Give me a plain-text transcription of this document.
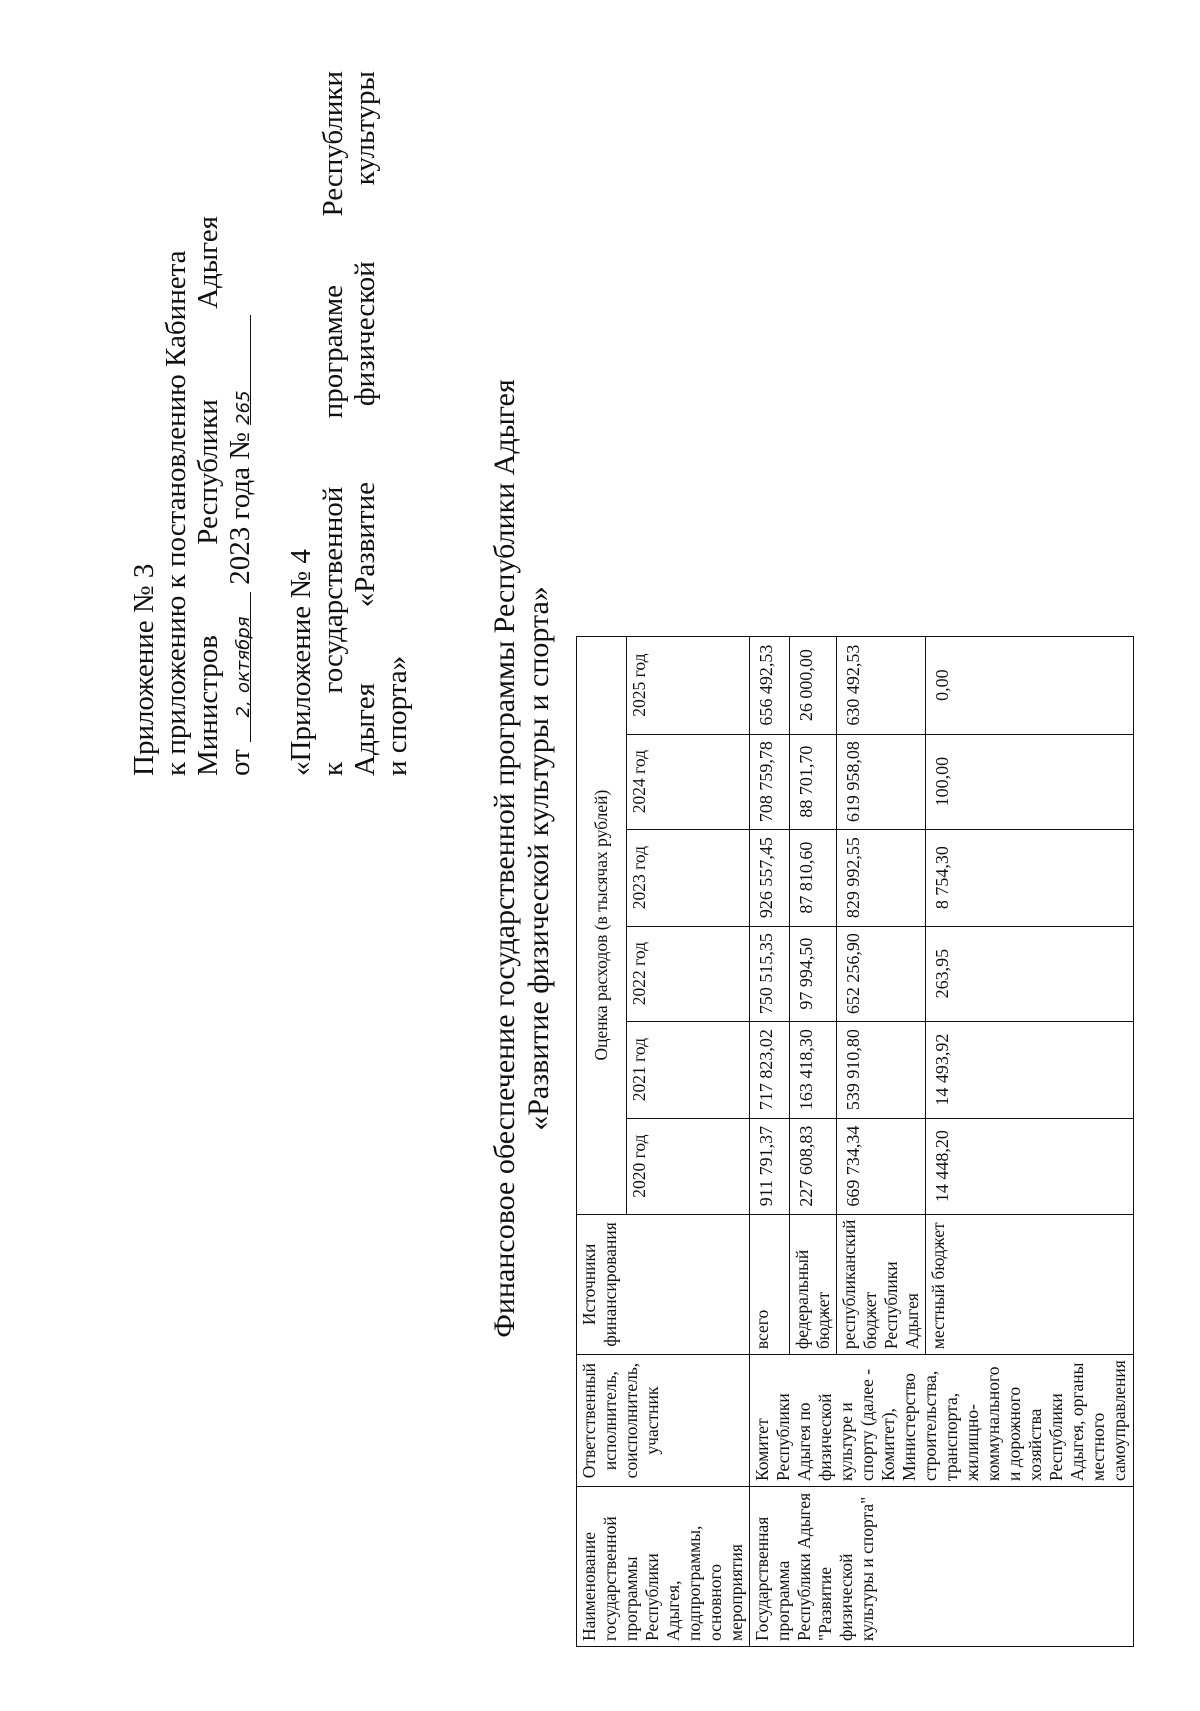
Приложение № 3 к приложению к постановлению Кабинета Министров
Республики
Адыгея
от 2, октября 2023 года № 265
«Приложение № 4 к
государственной
программе
Республики
Адыгея
«Развитие
физической
культуры
и спорта»	Финансовое обеспечение государственной программы Республики Адыгея «Развитие физической культуры и спорта»
Наименование государственной программы Республики Адыгея, подпрограммы, основного мероприятия	Ответственный исполнитель, соисполнитель, участник	Источники финансирования	Оценка расходов (в тысячах рублей)					
			2020 год	2021 год	2022 год	2023 год	2024 год	2025 год
Государственная программа Республики Адыгея "Развитие физической культуры и спорта"	Комитет Республики Адыгея по физической культуре и спорту (далее - Комитет), Министерство строительства, транспорта, жилищно-коммунального и дорожного хозяйства Республики Адыгея, органы местного самоуправления	всего	911 791,37	717 823,02	750 515,35	926 557,45	708 759,78	656 492,53
		федеральный бюджет	227 608,83	163 418,30	97 994,50	87 810,60	88 701,70	26 000,00
		республиканский бюджет Республики Адыгея	669 734,34	539 910,80	652 256,90	829 992,55	619 958,08	630 492,53
		местный бюджет	14 448,20	14 493,92	263,95	8 754,30	100,00	0,00
